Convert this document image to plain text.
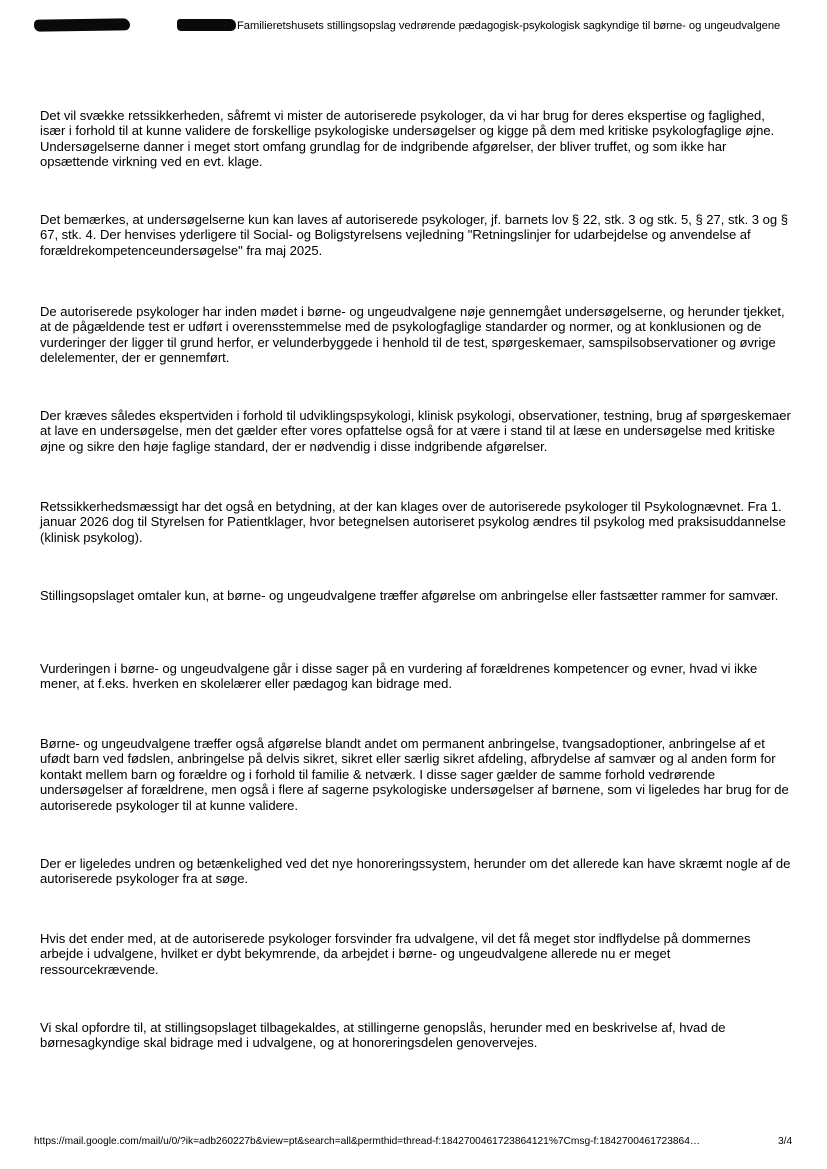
Familieretshusets stillingsopslag vedrørende pædagogisk-psykologisk sagkyndige til børne- og ungeudvalgene

Det vil svække retssikkerheden, såfremt vi mister de autoriserede psykologer, da vi har brug for deres ekspertise og faglighed, især i forhold til at kunne validere de forskellige psykologiske undersøgelser og kigge på dem med kritiske psykologfaglige øjne. Undersøgelserne danner i meget stort omfang grundlag for de indgribende afgørelser, der bliver truffet, og som ikke har opsættende virkning ved en evt. klage.

Det bemærkes, at undersøgelserne kun kan laves af autoriserede psykologer, jf. barnets lov § 22, stk. 3 og stk. 5, § 27, stk. 3 og § 67, stk. 4. Der henvises yderligere til Social- og Boligstyrelsens vejledning "Retningslinjer for udarbejdelse og anvendelse af forældrekompetenceundersøgelse" fra maj 2025.

De autoriserede psykologer har inden mødet i børne- og ungeudvalgene nøje gennemgået undersøgelserne, og herunder tjekket, at de pågældende test er udført i overensstemmelse med de psykologfaglige standarder og normer, og at konklusionen og de vurderinger der ligger til grund herfor, er velunderbyggede i henhold til de test, spørgeskemaer, samspilsobservationer og øvrige delelementer, der er gennemført.

Der kræves således ekspertviden i forhold til udviklingspsykologi, klinisk psykologi, observationer, testning, brug af spørgeskemaer at lave en undersøgelse, men det gælder efter vores opfattelse også for at være i stand til at læse en undersøgelse med kritiske øjne og sikre den høje faglige standard, der er nødvendig i disse indgribende afgørelser.

Retssikkerhedsmæssigt har det også en betydning, at der kan klages over de autoriserede psykologer til Psykolognævnet. Fra 1. januar 2026 dog til Styrelsen for Patientklager, hvor betegnelsen autoriseret psykolog ændres til psykolog med praksisuddannelse (klinisk psykolog).

Stillingsopslaget omtaler kun, at børne- og ungeudvalgene træffer afgørelse om anbringelse eller fastsætter rammer for samvær.

Vurderingen i børne- og ungeudvalgene går i disse sager på en vurdering af forældrenes kompetencer og evner, hvad vi ikke mener, at f.eks. hverken en skolelærer eller pædagog kan bidrage med.

Børne- og ungeudvalgene træffer også afgørelse blandt andet om permanent anbringelse, tvangsadoptioner, anbringelse af et ufødt barn ved fødslen, anbringelse på delvis sikret, sikret eller særlig sikret afdeling, afbrydelse af samvær og al anden form for kontakt mellem barn og forældre og i forhold til familie & netværk. I disse sager gælder de samme forhold vedrørende undersøgelser af forældrene, men også i flere af sagerne psykologiske undersøgelser af børnene, som vi ligeledes har brug for de autoriserede psykologer til at kunne validere.

Der er ligeledes undren og betænkelighed ved det nye honoreringssystem, herunder om det allerede kan have skræmt nogle af de autoriserede psykologer fra at søge.

Hvis det ender med, at de autoriserede psykologer forsvinder fra udvalgene, vil det få meget stor indflydelse på dommernes arbejde i udvalgene, hvilket er dybt bekymrende, da arbejdet i børne- og ungeudvalgene allerede nu er meget ressourcekrævende.

Vi skal opfordre til, at stillingsopslaget tilbagekaldes, at stillingerne genopslås, herunder med en beskrivelse af, hvad de børnesagkyndige skal bidrage med i udvalgene, og at honoreringsdelen genovervejes.

https://mail.google.com/mail/u/0/?ik=adb260227b&view=pt&search=all&permthid=thread-f:1842700461723864121%7Cmsg-f:1842700461723864…	3/4
